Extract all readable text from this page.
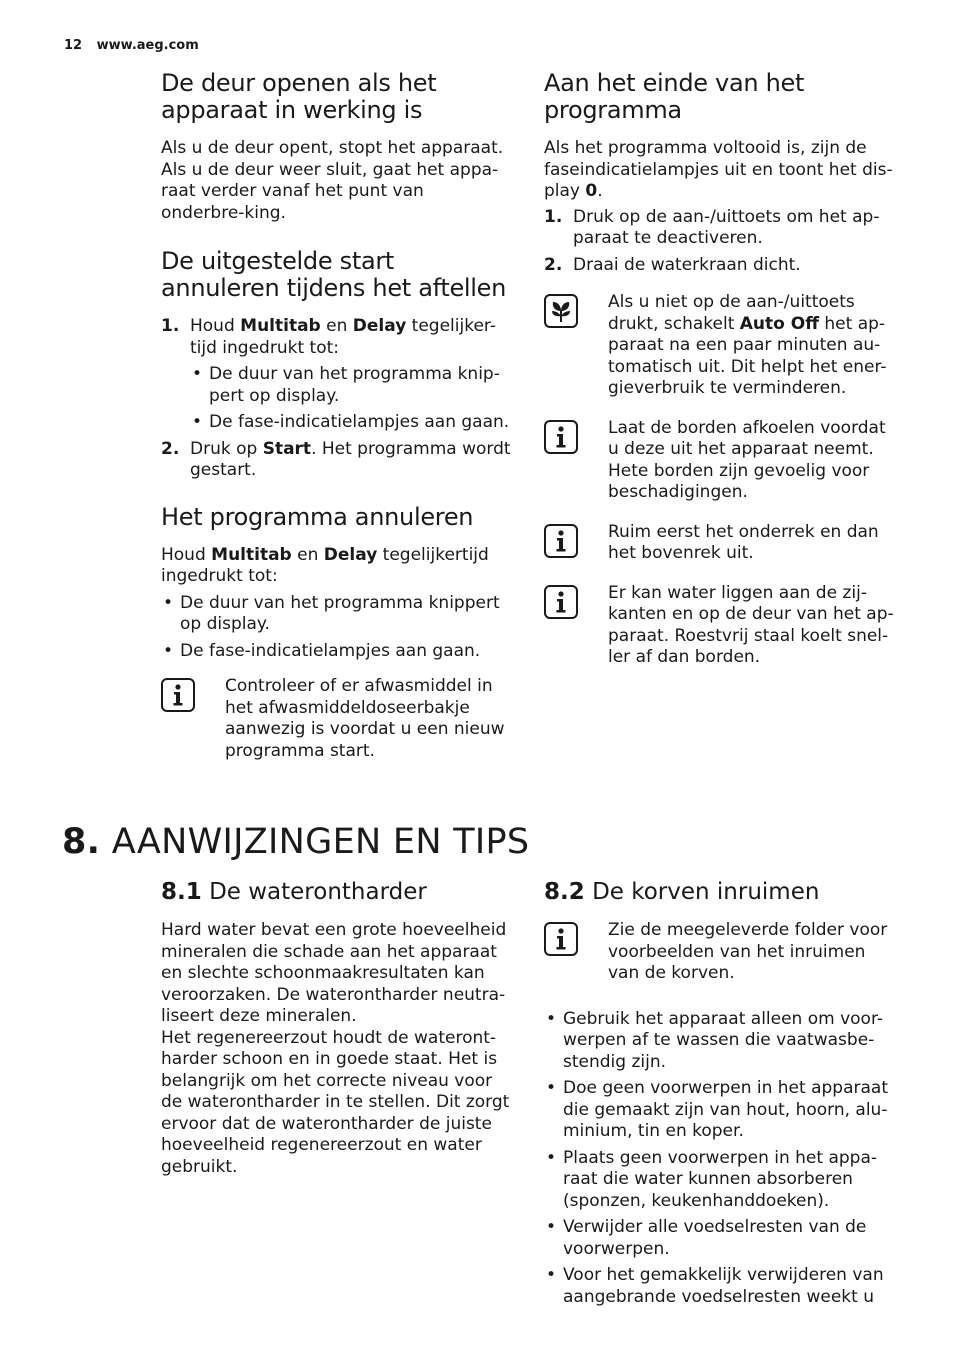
12 www.aeg.com
De deur openen als het apparaat in werking is

Als u de deur opent, stopt het apparaat. Als u de deur weer sluit, gaat het appa-raat verder vanaf het punt van onderbre-king.

De uitgestelde start annuleren tijdens het aftellen
1. Houd Multitab en Delay tegelijker-tijd ingedrukt tot:
• De duur van het programma knip-pert op display.
• De fase-indicatielampjes aan gaan.
2. Druk op Start. Het programma wordt gestart.
Het programma annuleren

Houd Multitab en Delay tegelijkertijd ingedrukt tot:

• De duur van het programma knippert op display.
• De fase-indicatielampjes aan gaan.

Controleer of er afwasmiddel in het afwasmiddeldoseerbakje aanwezig is voordat u een nieuw programma start.

Aan het einde van het programma

Als het programma voltooid is, zijn de faseindicatielampjes uit en toont het dis-play 0.

1. Druk op de aan-/uittoets om het ap-paraat te deactiveren.
2. Draai de waterkraan dicht.

Als u niet op de aan-/uittoets drukt, schakelt Auto Off het ap-paraat na een paar minuten au-tomatisch uit. Dit helpt het ener-gieverbruik te verminderen.

Laat de borden afkoelen voordat u deze uit het apparaat neemt. Hete borden zijn gevoelig voor beschadigingen.

Ruim eerst het onderrek en dan het bovenrek uit.

Er kan water liggen aan de zij-kanten en op de deur van het ap-paraat. Roestvrij staal koelt snel-ler af dan borden.

8. AANWIJZINGEN EN TIPS
8.1 De waterontharder

Hard water bevat een grote hoeveelheid mineralen die schade aan het apparaat en slechte schoonmaakresultaten kan veroorzaken. De waterontharder neutra-liseert deze mineralen.

Het regenereerzout houdt de wateront-harder schoon en in goede staat. Het is belangrijk om het correcte niveau voor de waterontharder in te stellen. Dit zorgt ervoor dat de waterontharder de juiste hoeveelheid regenereerzout en water gebruikt.

8.2 De korven inruimen

Zie de meegeleverde folder voor voorbeelden van het inruimen van de korven.

• Gebruik het apparaat alleen om voor-werpen af te wassen die vaatwasbe-stendig zijn.
• Doe geen voorwerpen in het apparaat die gemaakt zijn van hout, hoorn, alu-minium, tin en koper.
• Plaats geen voorwerpen in het appa-raat die water kunnen absorberen (sponzen, keukenhanddoeken).
• Verwijder alle voedselresten van de voorwerpen.
• Voor het gemakkelijk verwijderen van aangebrande voedselresten weekt u
